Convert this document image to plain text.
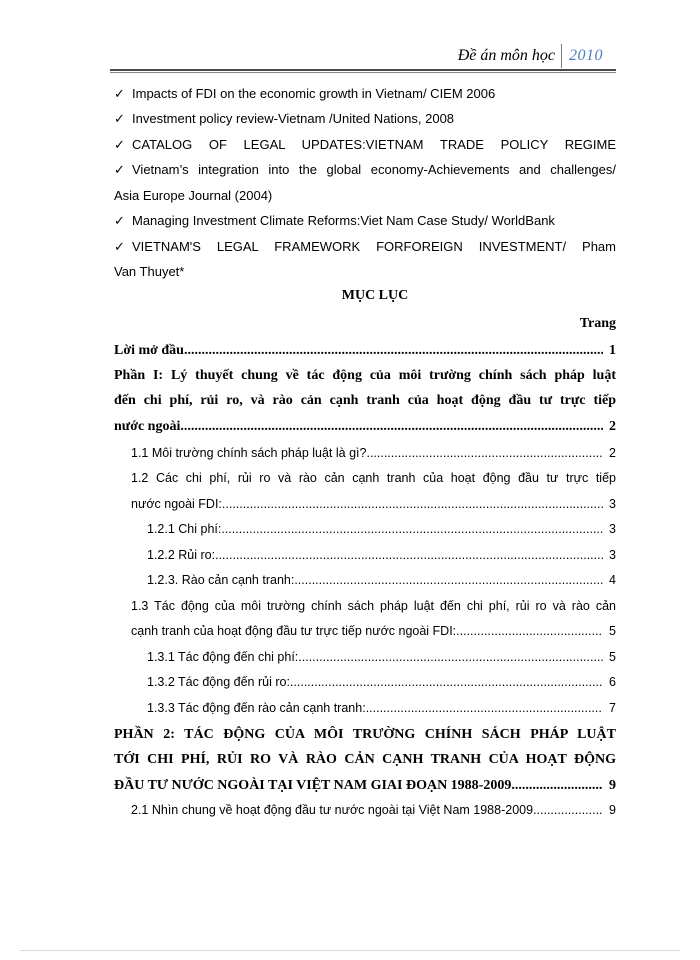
Đề án môn học 2010
✓ Impacts of FDI on the economic growth in Vietnam/ CIEM 2006
✓ Investment policy review-Vietnam /United Nations, 2008
✓ CATALOG OF LEGAL UPDATES:VIETNAM TRADE POLICY REGIME
✓ Vietnam’s integration into the global economy-Achievements and challenges/
Asia Europe Journal (2004)
✓ Managing Investment Climate Reforms:Viet Nam Case Study/ WorldBank
✓ VIETNAM'S LEGAL FRAMEWORK FORFOREIGN INVESTMENT/ Pham
Van Thuyet*
MỤC LỤC
Trang
Lời mở đầu .....	1
Phần I: Lý thuyết chung về tác động của môi trường chính sách pháp luật
đến chi phí, rủi ro, và rào cản cạnh tranh của hoạt động đầu tư trực tiếp
nước ngoài .....	2
1.1 Môi trường chính sách pháp luật là gì? .....	2
1.2 Các chi phí, rủi ro và rào cản cạnh tranh của hoạt động đầu tư trực tiếp
nước ngoài FDI: .....	3
1.2.1 Chi phí: .....	3
1.2.2 Rủi ro: .....	3
1.2.3. Rào cản cạnh tranh: .....	4
1.3 Tác động của môi trường chính sách pháp luật đến chi phí, rủi ro và rào cản
cạnh tranh của hoạt động đầu tư trực tiếp nước ngoài FDI: .....	5
1.3.1 Tác động đến chi phí: .....	5
1.3.2 Tác động đến rủi ro: .....	6
1.3.3 Tác động đến rào cản cạnh tranh: .....	7
PHẦN 2: TÁC ĐỘNG CỦA MÔI TRƯỜNG CHÍNH SÁCH PHÁP LUẬT
TỚI CHI PHÍ, RỦI RO VÀ RÀO CẢN CẠNH TRANH CỦA HOẠT ĐỘNG
ĐẦU TƯ NƯỚC NGOÀI TẠI VIỆT NAM GIAI ĐOẠN 1988-2009 .....	9
2.1 Nhìn chung về hoạt động đầu tư nước ngoài tại Việt Nam 1988-2009 .....	9
